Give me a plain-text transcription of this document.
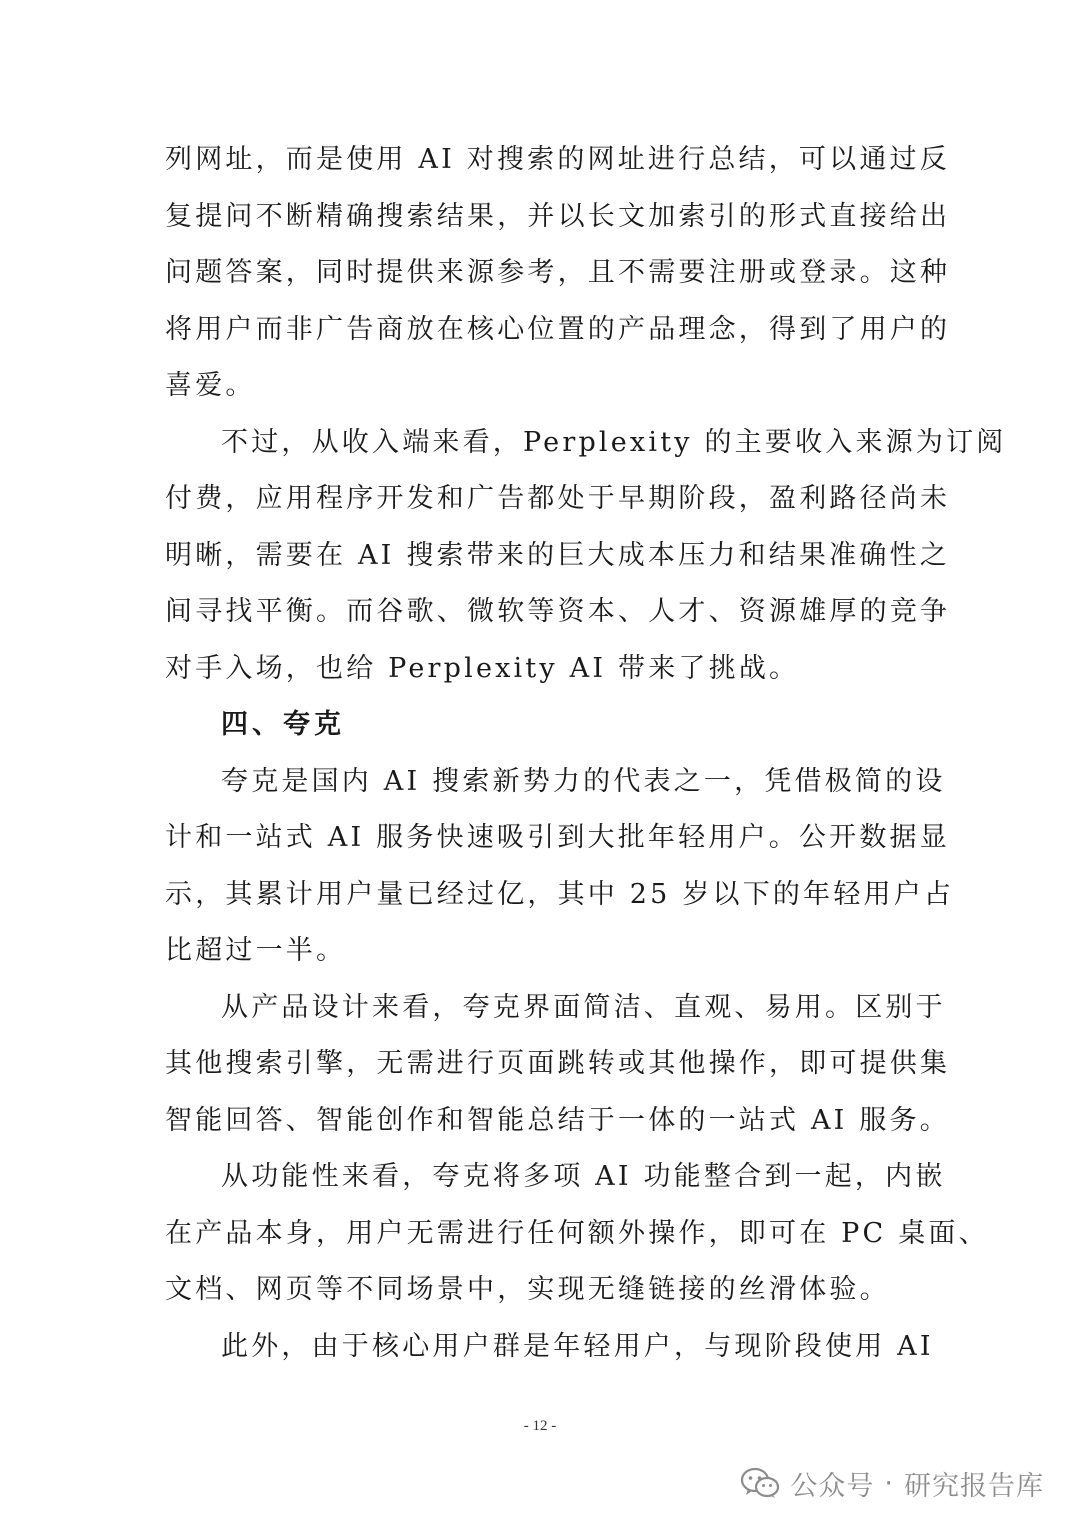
列网址，而是使用 AI 对搜索的网址进行总结，可以通过反
复提问不断精确搜索结果，并以长文加索引的形式直接给出
问题答案，同时提供来源参考，且不需要注册或登录。这种
将用户而非广告商放在核心位置的产品理念，得到了用户的
喜爱。
不过，从收入端来看，Perplexity 的主要收入来源为订阅
付费，应用程序开发和广告都处于早期阶段，盈利路径尚未
明晰，需要在 AI 搜索带来的巨大成本压力和结果准确性之
间寻找平衡。而谷歌、微软等资本、人才、资源雄厚的竞争
对手入场，也给 Perplexity AI 带来了挑战。
四、夸克
夸克是国内 AI 搜索新势力的代表之一，凭借极简的设
计和一站式 AI 服务快速吸引到大批年轻用户。公开数据显
示，其累计用户量已经过亿，其中 25 岁以下的年轻用户占
比超过一半。
从产品设计来看，夸克界面简洁、直观、易用。区别于
其他搜索引擎，无需进行页面跳转或其他操作，即可提供集
智能回答、智能创作和智能总结于一体的一站式 AI 服务。
从功能性来看，夸克将多项 AI 功能整合到一起，内嵌
在产品本身，用户无需进行任何额外操作，即可在 PC 桌面、
文档、网页等不同场景中，实现无缝链接的丝滑体验。
此外，由于核心用户群是年轻用户，与现阶段使用 AI
- 12 -
公众号 · 研究报告库
